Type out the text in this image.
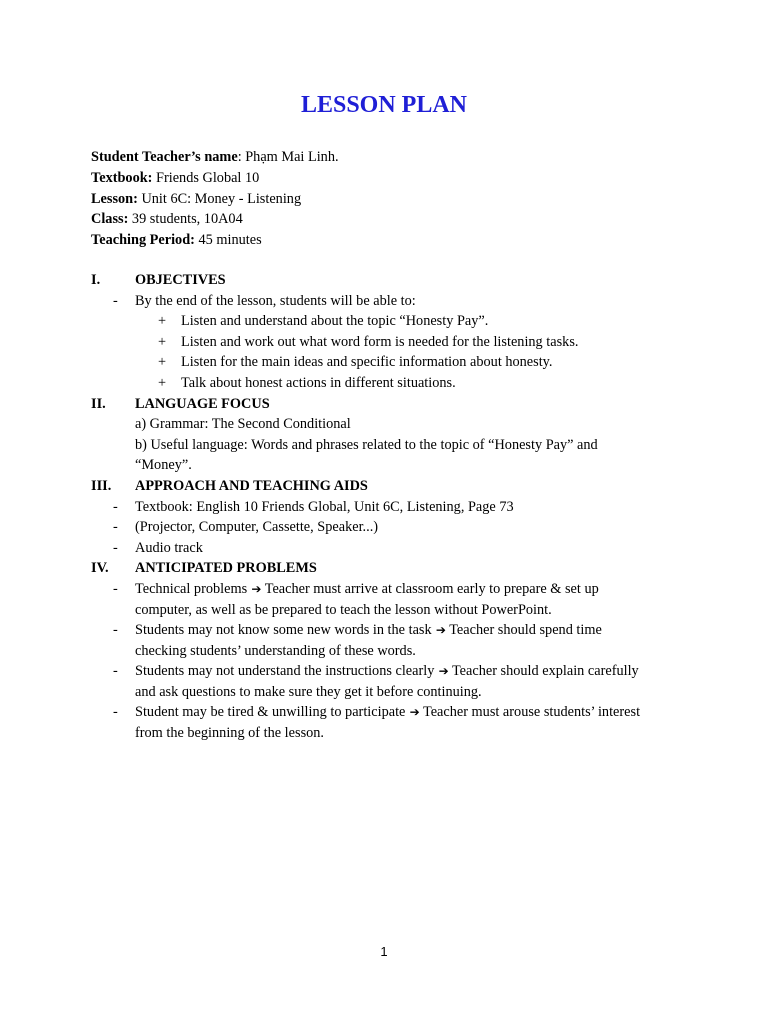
LESSON PLAN
Student Teacher’s name: Phạm Mai Linh.
Textbook: Friends Global 10
Lesson: Unit 6C: Money - Listening
Class: 39 students, 10A04
Teaching Period: 45 minutes
I. OBJECTIVES
- By the end of the lesson, students will be able to:
+ Listen and understand about the topic “Honesty Pay”.
+ Listen and work out what word form is needed for the listening tasks.
+ Listen for the main ideas and specific information about honesty.
+ Talk about honest actions in different situations.
II. LANGUAGE FOCUS
a) Grammar: The Second Conditional
b) Useful language: Words and phrases related to the topic of “Honesty Pay” and
“Money”.
III. APPROACH AND TEACHING AIDS
- Textbook: English 10 Friends Global, Unit 6C, Listening, Page 73
- (Projector, Computer, Cassette, Speaker...)
- Audio track
IV. ANTICIPATED PROBLEMS
- Technical problems ➔ Teacher must arrive at classroom early to prepare & set up
computer, as well as be prepared to teach the lesson without PowerPoint.
- Students may not know some new words in the task ➔ Teacher should spend time
checking students’ understanding of these words.
- Students may not understand the instructions clearly ➔ Teacher should explain carefully
and ask questions to make sure they get it before continuing.
- Student may be tired & unwilling to participate ➔ Teacher must arouse students’ interest
from the beginning of the lesson.
1
